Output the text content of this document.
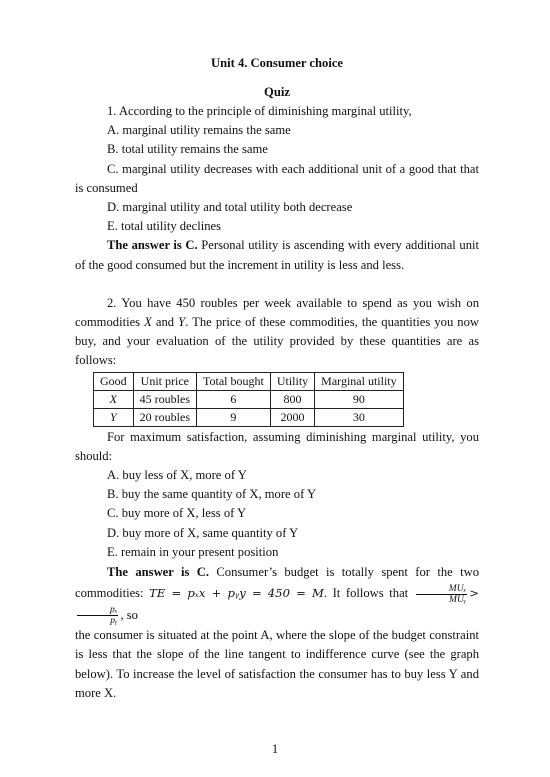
Unit 4. Consumer choice
Quiz
1. According to the principle of diminishing marginal utility,
A. marginal utility remains the same
B. total utility remains the same
C. marginal utility decreases with each additional unit of a good that that is consumed
D. marginal utility and total utility both decrease
E. total utility declines
The answer is C. Personal utility is ascending with every additional unit of the good consumed but the increment in utility is less and less.
2. You have 450 roubles per week available to spend as you wish on commodities X and Y. The price of these commodities, the quantities you now buy, and your evaluation of the utility provided by these quantities are as follows:
Good	Unit price	Total bought	Utility	Marginal utility
X	45 roubles	6	800	90
Y	20 roubles	9	2000	30
For maximum satisfaction, assuming diminishing marginal utility, you should:
A. buy less of X, more of Y
B. buy the same quantity of X, more of Y
C. buy more of X, less of Y
D. buy more of X, same quantity of Y
E. remain in your present position
The answer is C. Consumer’s budget is totally spent for the two commodities: TE = pₓx + pᵧy = 450 = M. It follows that $\frac{\text{MUₓ}}{\text{MUᵧ}}$ >
$\frac{\text{pₓ}}{\text{pᵧ}}$ , so
the consumer is situated at the point A, where the slope of the budget constraint is less that the slope of the line tangent to indifference curve (see the graph below). To increase the level of satisfaction the consumer has to buy less Y and more X.
1
